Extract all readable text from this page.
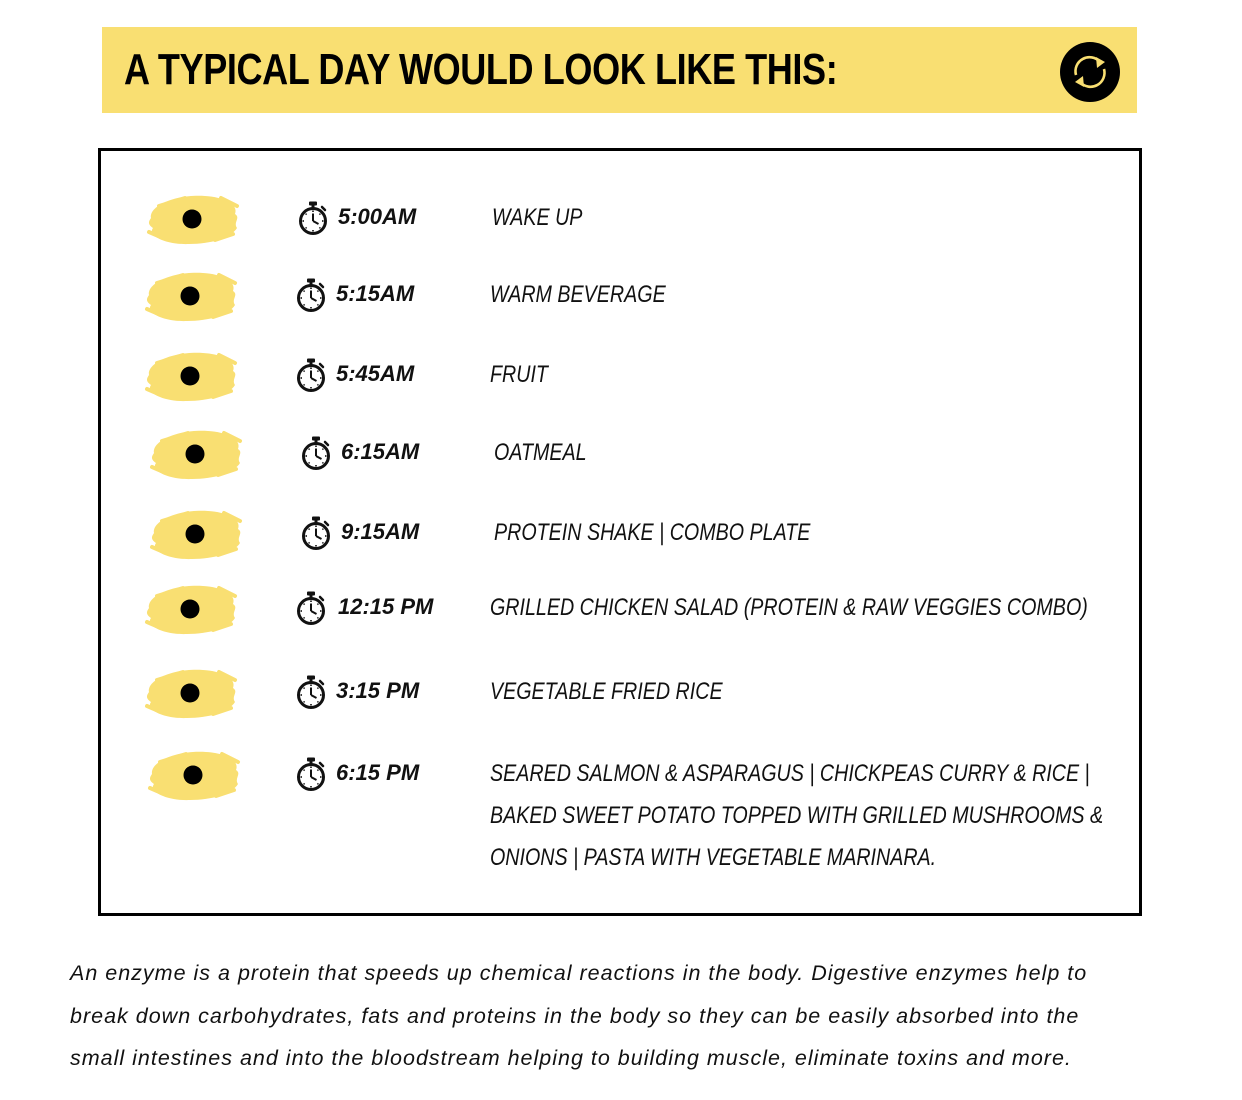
A TYPICAL DAY WOULD LOOK LIKE THIS:
5:00AM	WAKE UP
5:15AM	WARM BEVERAGE
5:45AM	FRUIT
6:15AM	OATMEAL
9:15AM	PROTEIN SHAKE | COMBO PLATE
12:15 PM GRILLED CHICKEN SALAD (PROTEIN & RAW VEGGIES COMBO)
3:15 PM	VEGETABLE FRIED RICE
6:15 PM	SEARED SALMON & ASPARAGUS | CHICKPEAS CURRY & RICE |
BAKED SWEET POTATO TOPPED WITH GRILLED MUSHROOMS &
ONIONS | PASTA WITH VEGETABLE MARINARA.
An enzyme is a protein that speeds up chemical reactions in the body. Digestive enzymes help to
break down carbohydrates, fats and proteins in the body so they can be easily absorbed into the
small intestines and into the bloodstream helping to building muscle, eliminate toxins and more.
